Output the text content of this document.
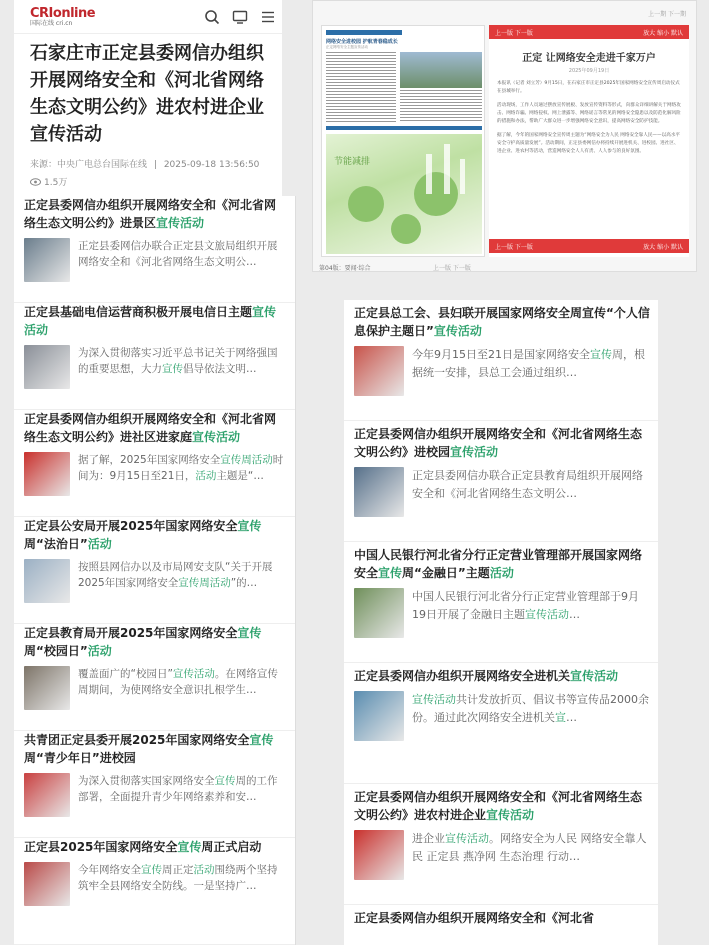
CRIonline
国际在线 cri.cn
石家庄市正定县委网信办组织开展网络安全和《河北省网络生态文明公约》进农村进企业宣传活动
来源：中央广电总台国际在线 | 2025-09-18 13:56:50
1.5万
正定县委网信办组织开展网络安全和《河北省网络生态文明公约》进景区宣传活动
正定县委网信办联合正定县文旅局组织开展网络安全和《河北省网络生态文明公…
正定县基础电信运营商积极开展电信日主题宣传活动
为深入贯彻落实习近平总书记关于网络强国的重要思想，大力宣传倡导依法文明…
正定县委网信办组织开展网络安全和《河北省网络生态文明公约》进社区进家庭宣传活动
据了解，2025年国家网络安全宣传周活动时间为：9月15日至21日，活动主题是“…
正定县公安局开展2025年国家网络安全宣传周“法治日”活动
按照县网信办以及市局网安支队“关于开展2025年国家网络安全宣传周活动”的…
正定县教育局开展2025年国家网络安全宣传周“校园日”活动
覆盖面广的“校园日”宣传活动。在网络宣传周期间，为使网络安全意识扎根学生…
共青团正定县委开展2025年国家网络安全宣传周“青少年日”进校园
为深入贯彻落实国家网络安全宣传周的工作部署，全面提升青少年网络素养和安…
正定县2025年国家网络安全宣传周正式启动
今年网络安全宣传周正定活动围绕两个坚持筑牢全县网络安全防线。一是坚持广…
上一期 下一期
网络安全进校园 护航青春稳成长
正定网络安全主题宣传活动
节能减排
上一版 下一版	放大 缩小 默认
正定 让网络安全走进千家万户
2025年09月19日
本报讯（记者 刘立芳）9月15日，在石家庄市正定县2025年国家网络安全宣传周启动仪式在县城举行。
活动现场，工作人员通过摆放宣传展板、发放宣传资料等形式，向群众详细讲解关于网络攻击、网络诈骗、网络侵权、网上泄露等、网络谣言等常见的网络安全隐患以及防范化解风险的措施和办法，帮助广大群众进一步增强网络安全意识，提高网络安全防护技能。
据了解，今年的国家网络安全宣传周主题为“网络安全为人民 网络安全靠人民——以高水平安全守护高质量发展”。活动期间，正定县委网信办将持续开展进机关、进校园、进社区、进企业、进农村等活动，营造网络安全人人有责、人人参与的良好氛围。
上一版 下一版	放大 缩小 默认
第04版：要闻·综合	上一版 下一版
正定县总工会、县妇联开展国家网络安全周宣传“个人信息保护主题日”宣传活动
今年9月15日至21日是国家网络安全宣传周，根据统一安排，县总工会通过组织…
正定县委网信办组织开展网络安全和《河北省网络生态文明公约》进校园宣传活动
正定县委网信办联合正定县教育局组织开展网络安全和《河北省网络生态文明公…
中国人民银行河北省分行正定营业管理部开展国家网络安全宣传周“金融日”主题活动
中国人民银行河北省分行正定营业管理部于9月19日开展了金融日主题宣传活动…
正定县委网信办组织开展网络安全进机关宣传活动
宣传活动共计发放折页、倡议书等宣传品2000余份。通过此次网络安全进机关宣…
正定县委网信办组织开展网络安全和《河北省网络生态文明公约》进农村进企业宣传活动
进企业宣传活动。网络安全为人民 网络安全靠人民 正定县 燕净网 生态治理 行动…
正定县委网信办组织开展网络安全和《河北省
